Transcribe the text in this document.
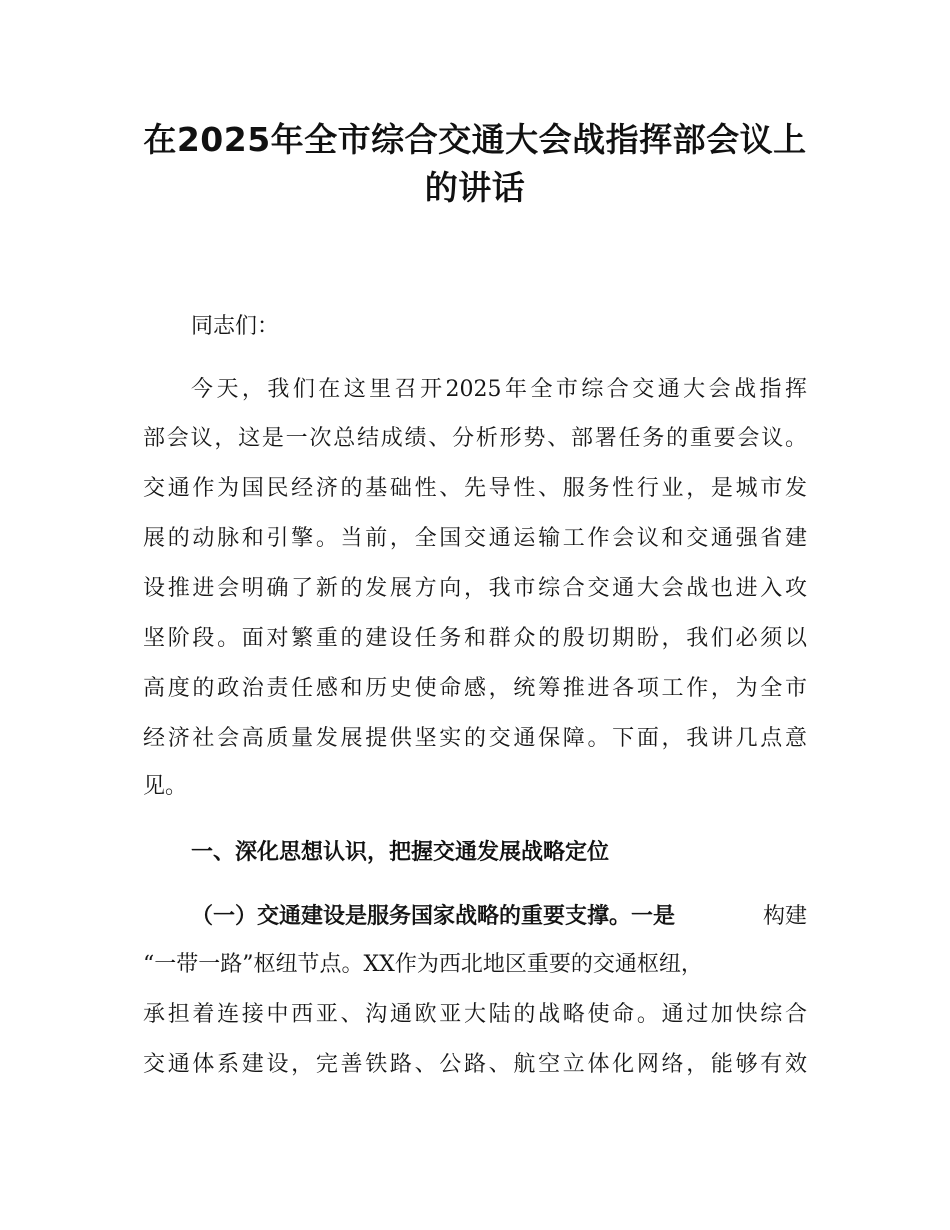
在2025年全市综合交通大会战指挥部会议上
的讲话
同志们：
今天，我们在这里召开2025年全市综合交通大会战指挥
部会议，这是一次总结成绩、分析形势、部署任务的重要会议。
交通作为国民经济的基础性、先导性、服务性行业，是城市发
展的动脉和引擎。当前，全国交通运输工作会议和交通强省建
设推进会明确了新的发展方向，我市综合交通大会战也进入攻
坚阶段。面对繁重的建设任务和群众的殷切期盼，我们必须以
高度的政治责任感和历史使命感，统筹推进各项工作，为全市
经济社会高质量发展提供坚实的交通保障。下面，我讲几点意
见。
一、深化思想认识，把握交通发展战略定位
（一）交通建设是服务国家战略的重要支撑。一是	构建
“一带一路”枢纽节点。XX作为西北地区重要的交通枢纽，
承担着连接中西亚、沟通欧亚大陆的战略使命。通过加快综合
交通体系建设，完善铁路、公路、航空立体化网络，能够有效
